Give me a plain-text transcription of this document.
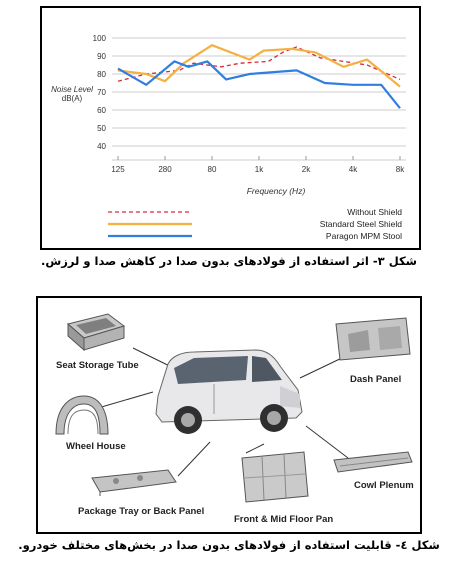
Noise Level
dB(A)
Frequency (Hz)
100
90
80
70
60
50
40
125	280	80	1k	2k	4k	8k
Without Shield
Standard Steel Shield
Paragon MPM Stool
شکل ۳- اثر استفاده از فولادهای بدون صدا در کاهش صدا و لرزش.
Seat Storage Tube
Wheel House
Package Tray or Back Panel
Front & Mid Floor Pan
Dash Panel
Cowl Plenum
شکل ٤- قابلیت استفاده از فولادهای بدون صدا در بخش‌های مختلف خودرو.
